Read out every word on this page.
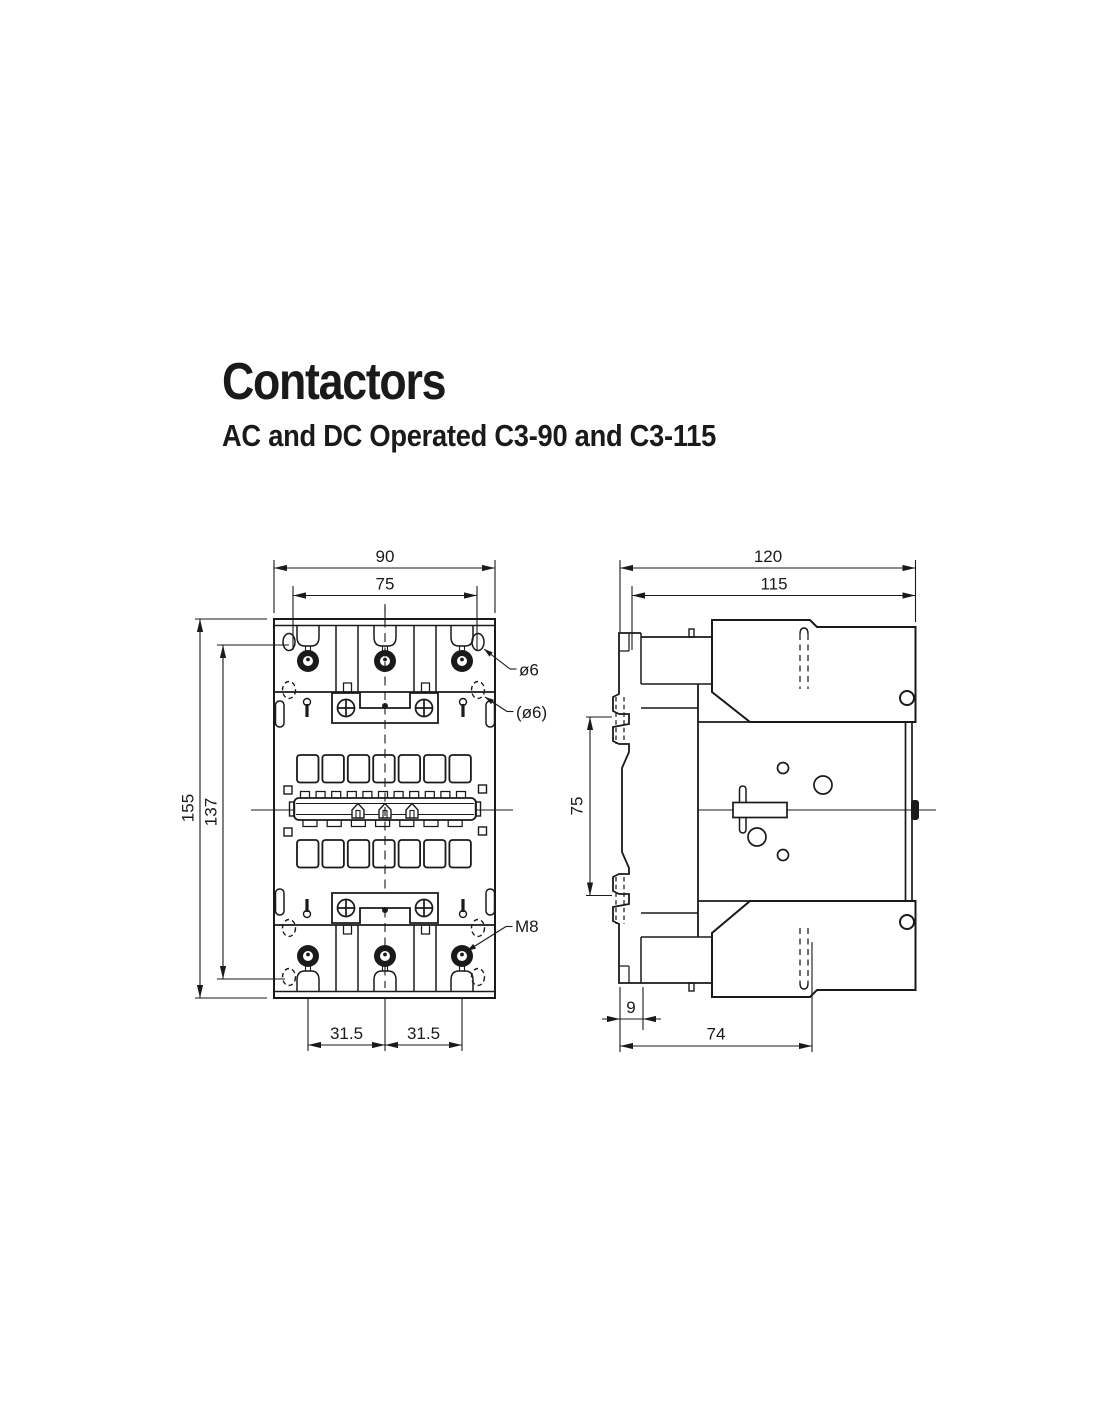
Contactors
AC and DC Operated C3-90 and C3-115
90
75
155 137
31.5	31.5
ø6
(ø6)
M8
120
115
75
9
74
